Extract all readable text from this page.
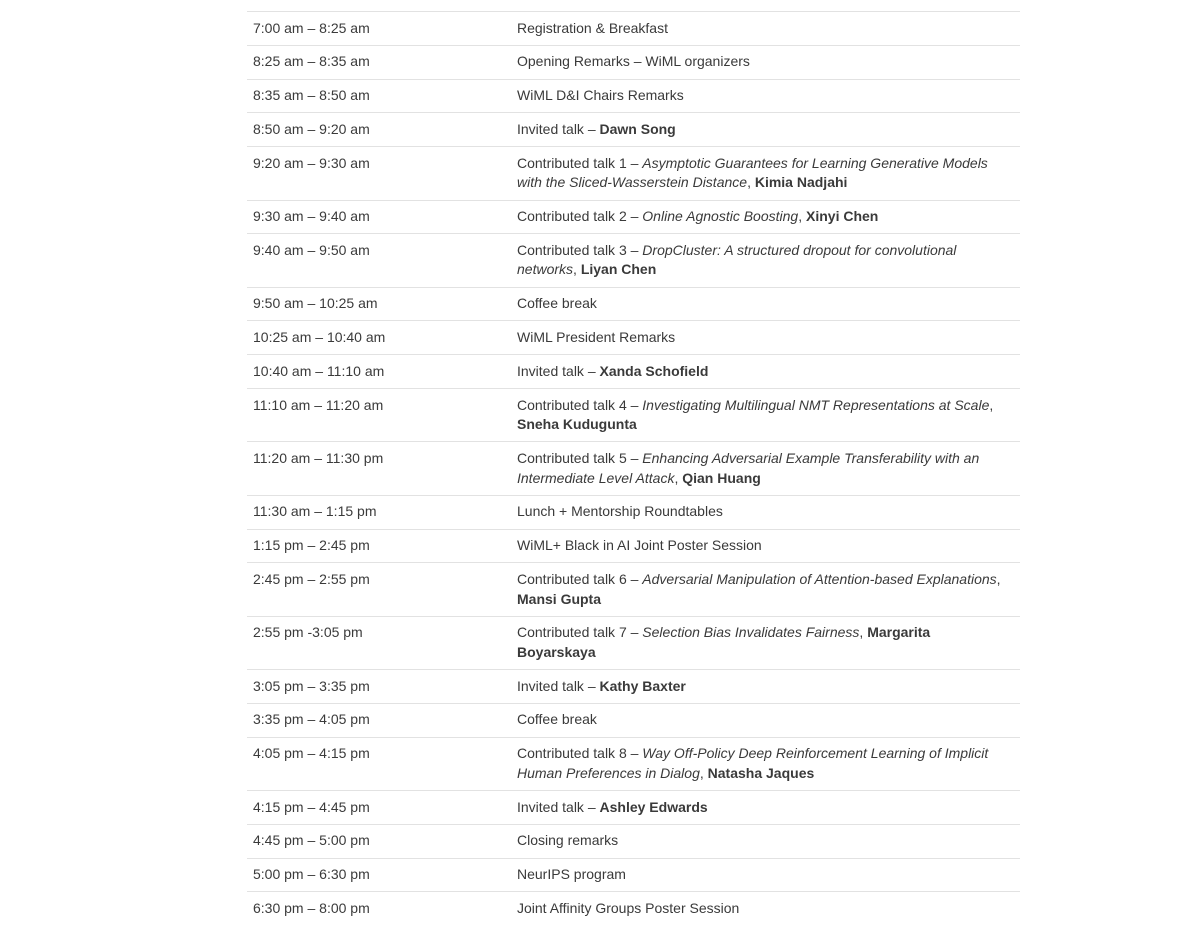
7:00 am – 8:25 am	Registration & Breakfast
8:25 am – 8:35 am	Opening Remarks – WiML organizers
8:35 am – 8:50 am	WiML D&I Chairs Remarks
8:50 am – 9:20 am	Invited talk – Dawn Song
9:20 am – 9:30 am	Contributed talk 1 – Asymptotic Guarantees for Learning Generative Models with the Sliced-Wasserstein Distance, Kimia Nadjahi
9:30 am – 9:40 am	Contributed talk 2 – Online Agnostic Boosting, Xinyi Chen
9:40 am – 9:50 am	Contributed talk 3 – DropCluster: A structured dropout for convolutional networks, Liyan Chen
9:50 am – 10:25 am	Coffee break
10:25 am – 10:40 am	WiML President Remarks
10:40 am – 11:10 am	Invited talk – Xanda Schofield
11:10 am – 11:20 am	Contributed talk 4 – Investigating Multilingual NMT Representations at Scale, Sneha Kudugunta
11:20 am – 11:30 pm	Contributed talk 5 – Enhancing Adversarial Example Transferability with an Intermediate Level Attack, Qian Huang
11:30 am – 1:15 pm	Lunch + Mentorship Roundtables
1:15 pm – 2:45 pm	WiML+ Black in AI Joint Poster Session
2:45 pm – 2:55 pm	Contributed talk 6 – Adversarial Manipulation of Attention-based Explanations, Mansi Gupta
2:55 pm -3:05 pm	Contributed talk 7 – Selection Bias Invalidates Fairness, Margarita Boyarskaya
3:05 pm – 3:35 pm	Invited talk – Kathy Baxter
3:35 pm – 4:05 pm	Coffee break
4:05 pm – 4:15 pm	Contributed talk 8 – Way Off-Policy Deep Reinforcement Learning of Implicit Human Preferences in Dialog, Natasha Jaques
4:15 pm – 4:45 pm	Invited talk – Ashley Edwards
4:45 pm – 5:00 pm	Closing remarks
5:00 pm – 6:30 pm	NeurIPS program
6:30 pm – 8:00 pm	Joint Affinity Groups Poster Session
